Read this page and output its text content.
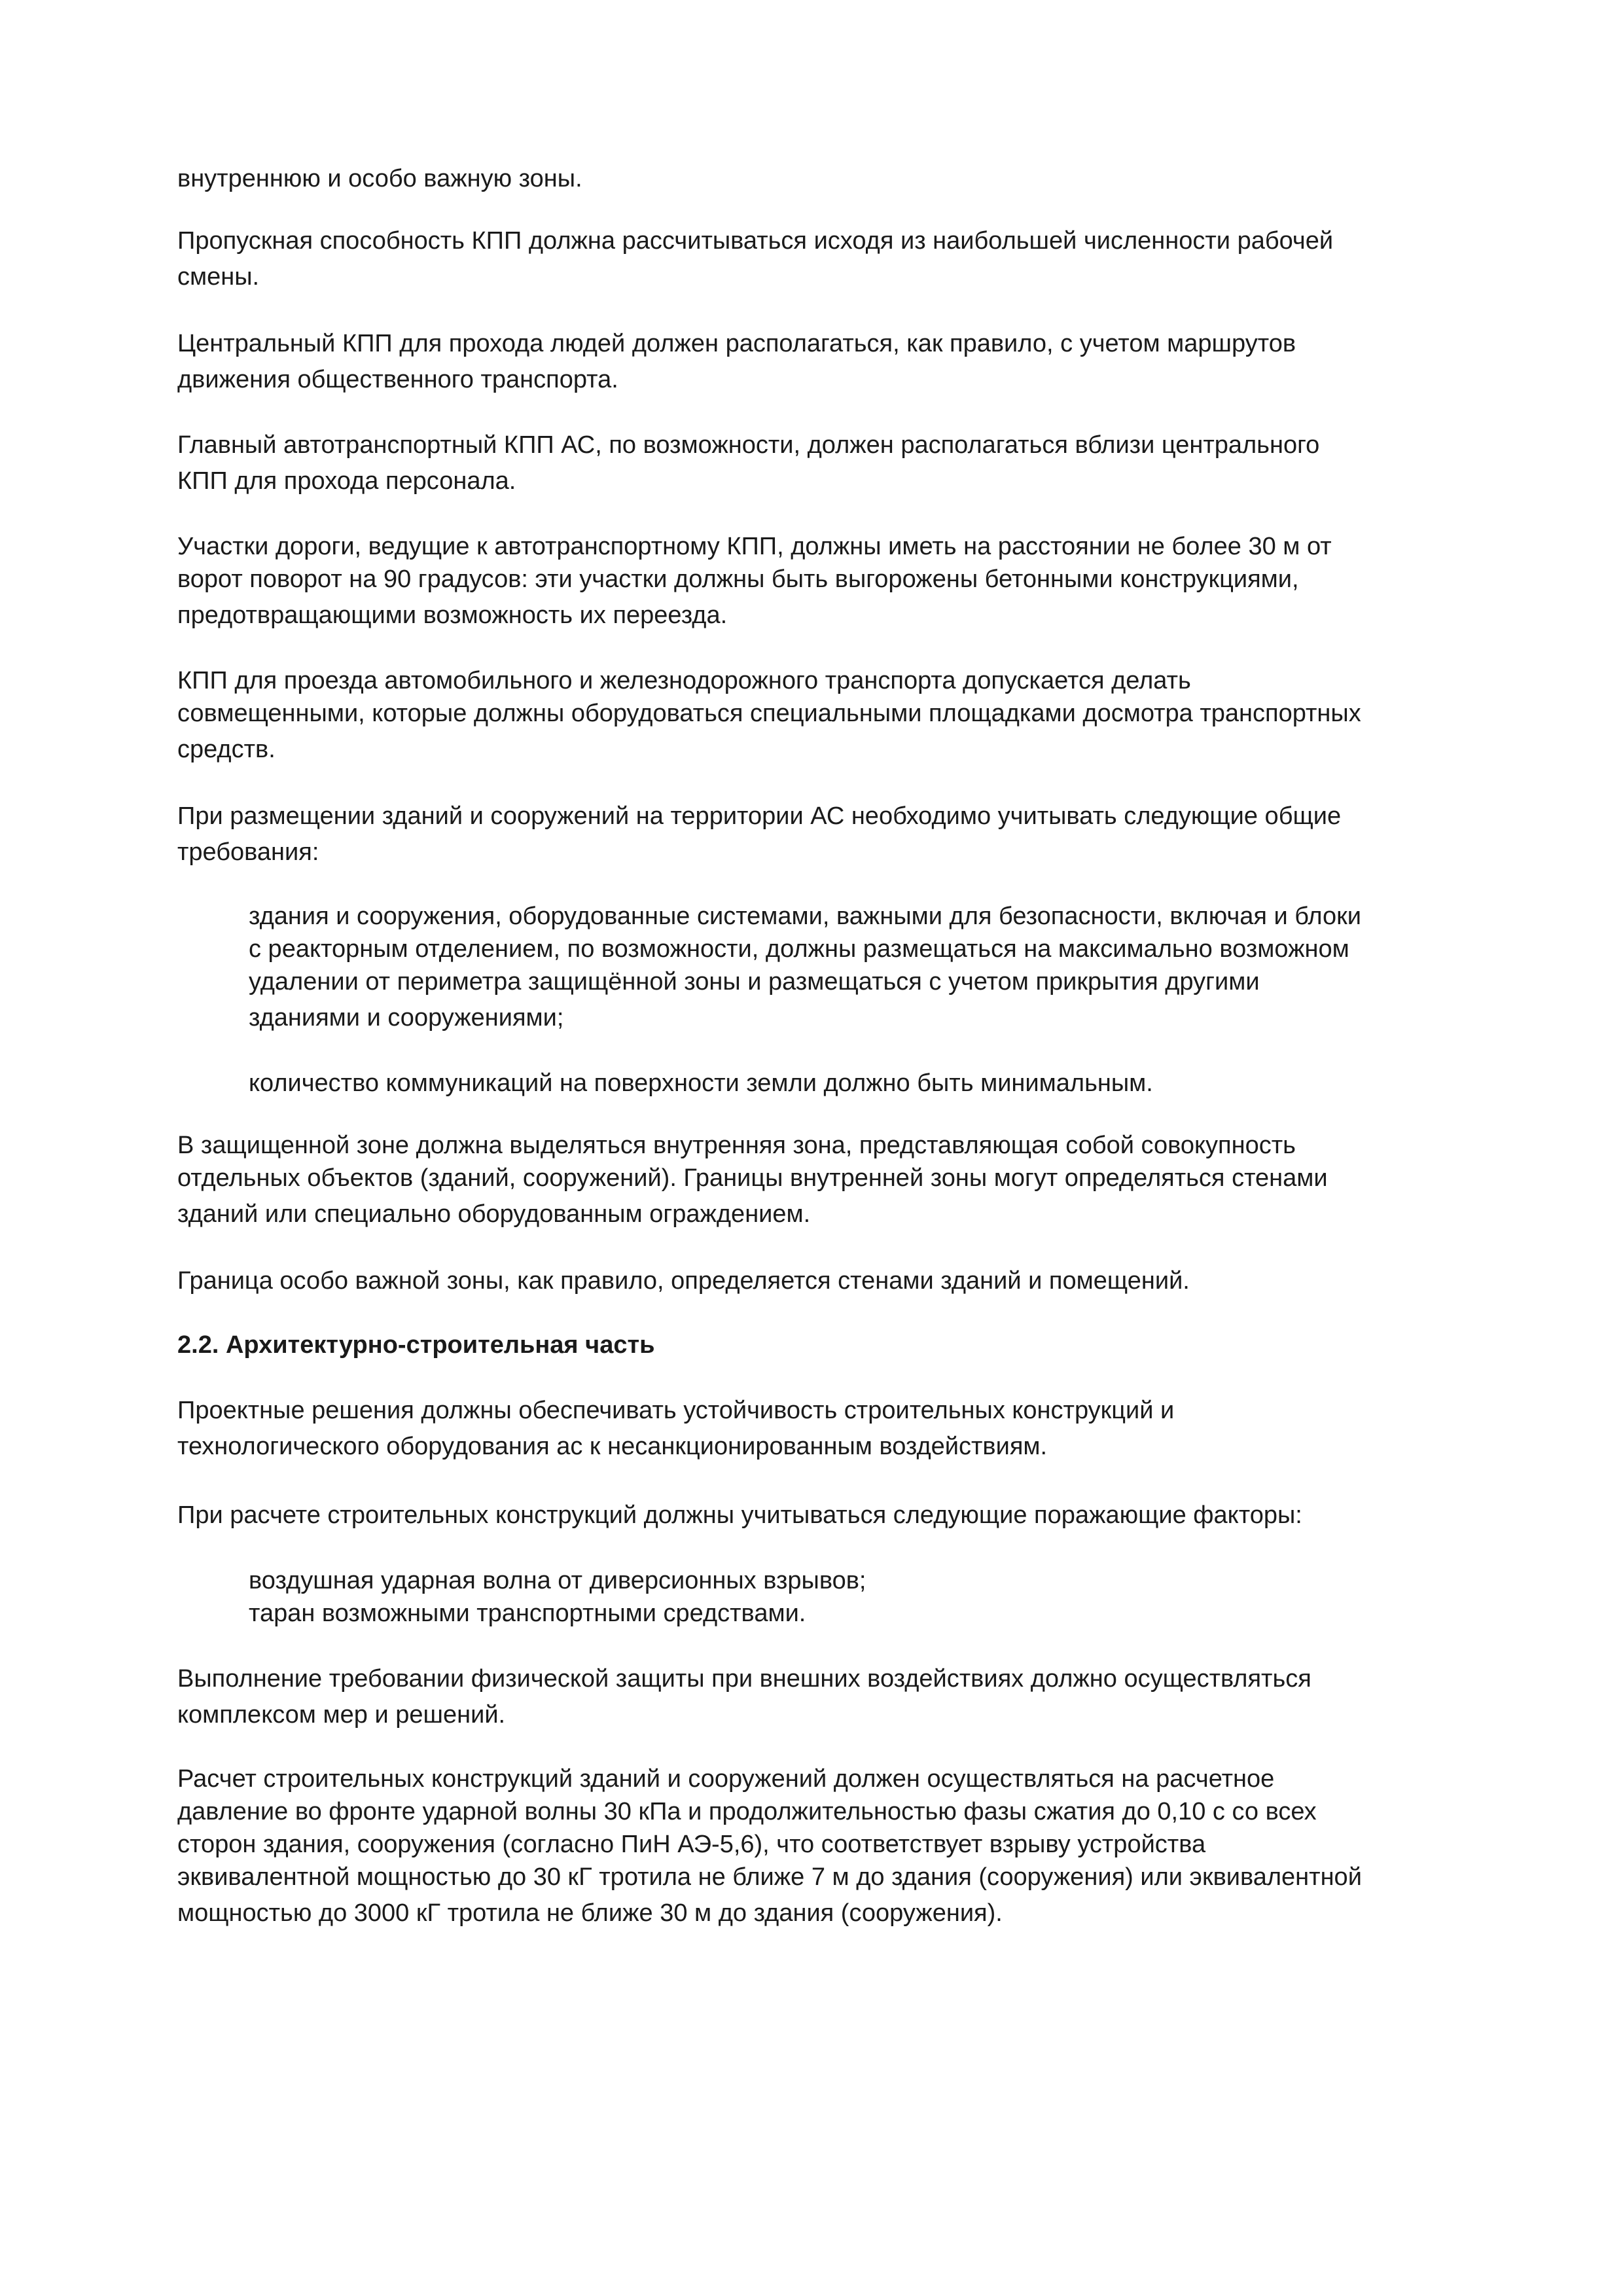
внутреннюю и особо важную зоны.
Пропускная способность КПП должна рассчитываться исходя из наибольшей численности рабочей
смены.
Центральный КПП для прохода людей должен располагаться, как правило, с учетом маршрутов
движения общественного транспорта.
Главный автотранспортный КПП АС, по возможности, должен располагаться вблизи центрального
КПП для прохода персонала.
Участки дороги, ведущие к автотранспортному КПП, должны иметь на расстоянии не более 30 м от
ворот поворот на 90 градусов: эти участки должны быть выгорожены бетонными конструкциями,
предотвращающими возможность их переезда.
КПП для проезда автомобильного и железнодорожного транспорта допускается делать
совмещенными, которые должны оборудоваться специальными площадками досмотра транспортных
средств.
При размещении зданий и сооружений на территории АС необходимо учитывать следующие общие
требования:
здания и сооружения, оборудованные системами, важными для безопасности, включая и блоки
с реакторным отделением, по возможности, должны размещаться на максимально возможном
удалении от периметра защищённой зоны и размещаться с учетом прикрытия другими
зданиями и сооружениями;
количество коммуникаций на поверхности земли должно быть минимальным.
В защищенной зоне должна выделяться внутренняя зона, представляющая собой совокупность
отдельных объектов (зданий, сооружений). Границы внутренней зоны могут определяться стенами
зданий или специально оборудованным ограждением.
Граница особо важной зоны, как правило, определяется стенами зданий и помещений.
2.2. Архитектурно-строительная часть
Проектные решения должны обеспечивать устойчивость строительных конструкций и
технологического оборудования ас к несанкционированным воздействиям.
При расчете строительных конструкций должны учитываться следующие поражающие факторы:
воздушная ударная волна от диверсионных взрывов;
таран возможными транспортными средствами.
Выполнение требовании физической защиты при внешних воздействиях должно осуществляться
комплексом мер и решений.
Расчет строительных конструкций зданий и сооружений должен осуществляться на расчетное
давление во фронте ударной волны 30 кПа и продолжительностью фазы сжатия до 0,10 с со всех
сторон здания, сооружения (согласно ПиН АЭ-5,6), что соответствует взрыву устройства
эквивалентной мощностью до 30 кГ тротила не ближе 7 м до здания (сооружения) или эквивалентной
мощностью до 3000 кГ тротила не ближе 30 м до здания (сооружения).
